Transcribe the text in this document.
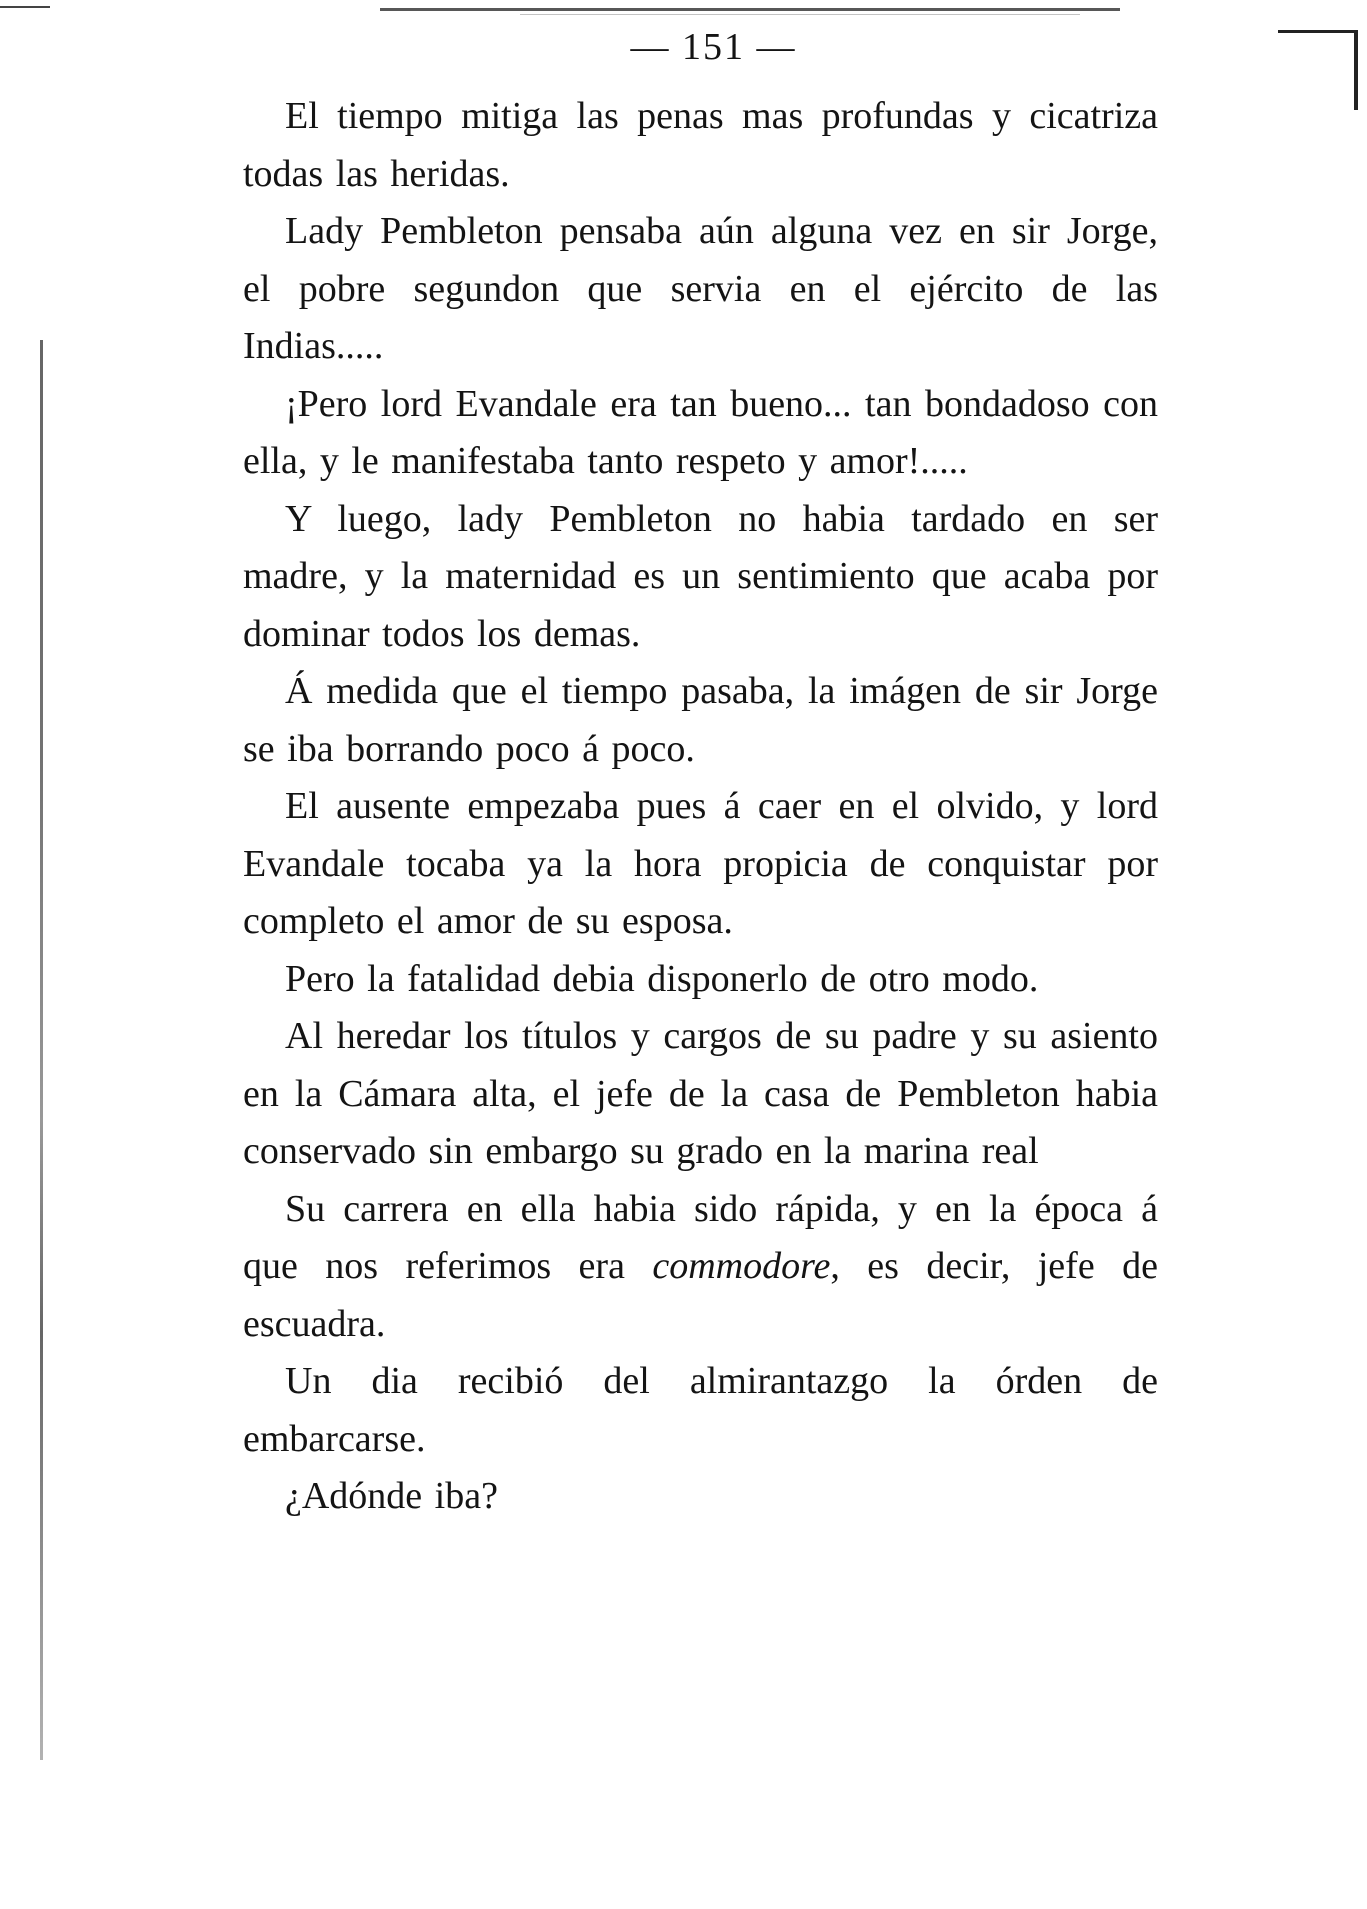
— 151 —

El tiempo mitiga las penas mas profundas y cicatriza todas las heridas.

Lady Pembleton pensaba aún alguna vez en sir Jorge, el pobre segundon que servia en el ejército de las Indias.....

¡Pero lord Evandale era tan bueno... tan bondadoso con ella, y le manifestaba tanto respeto y amor!.....

Y luego, lady Pembleton no habia tardado en ser madre, y la maternidad es un sentimiento que acaba por dominar todos los demas.

Á medida que el tiempo pasaba, la imágen de sir Jorge se iba borrando poco á poco.

El ausente empezaba pues á caer en el olvido, y lord Evandale tocaba ya la hora propicia de conquistar por completo el amor de su esposa.

Pero la fatalidad debia disponerlo de otro modo.

Al heredar los títulos y cargos de su padre y su asiento en la Cámara alta, el jefe de la casa de Pembleton habia conservado sin embargo su grado en la marina real

Su carrera en ella habia sido rápida, y en la época á que nos referimos era commodore, es decir, jefe de escuadra.

Un dia recibió del almirantazgo la órden de embarcarse.

¿Adónde iba?
